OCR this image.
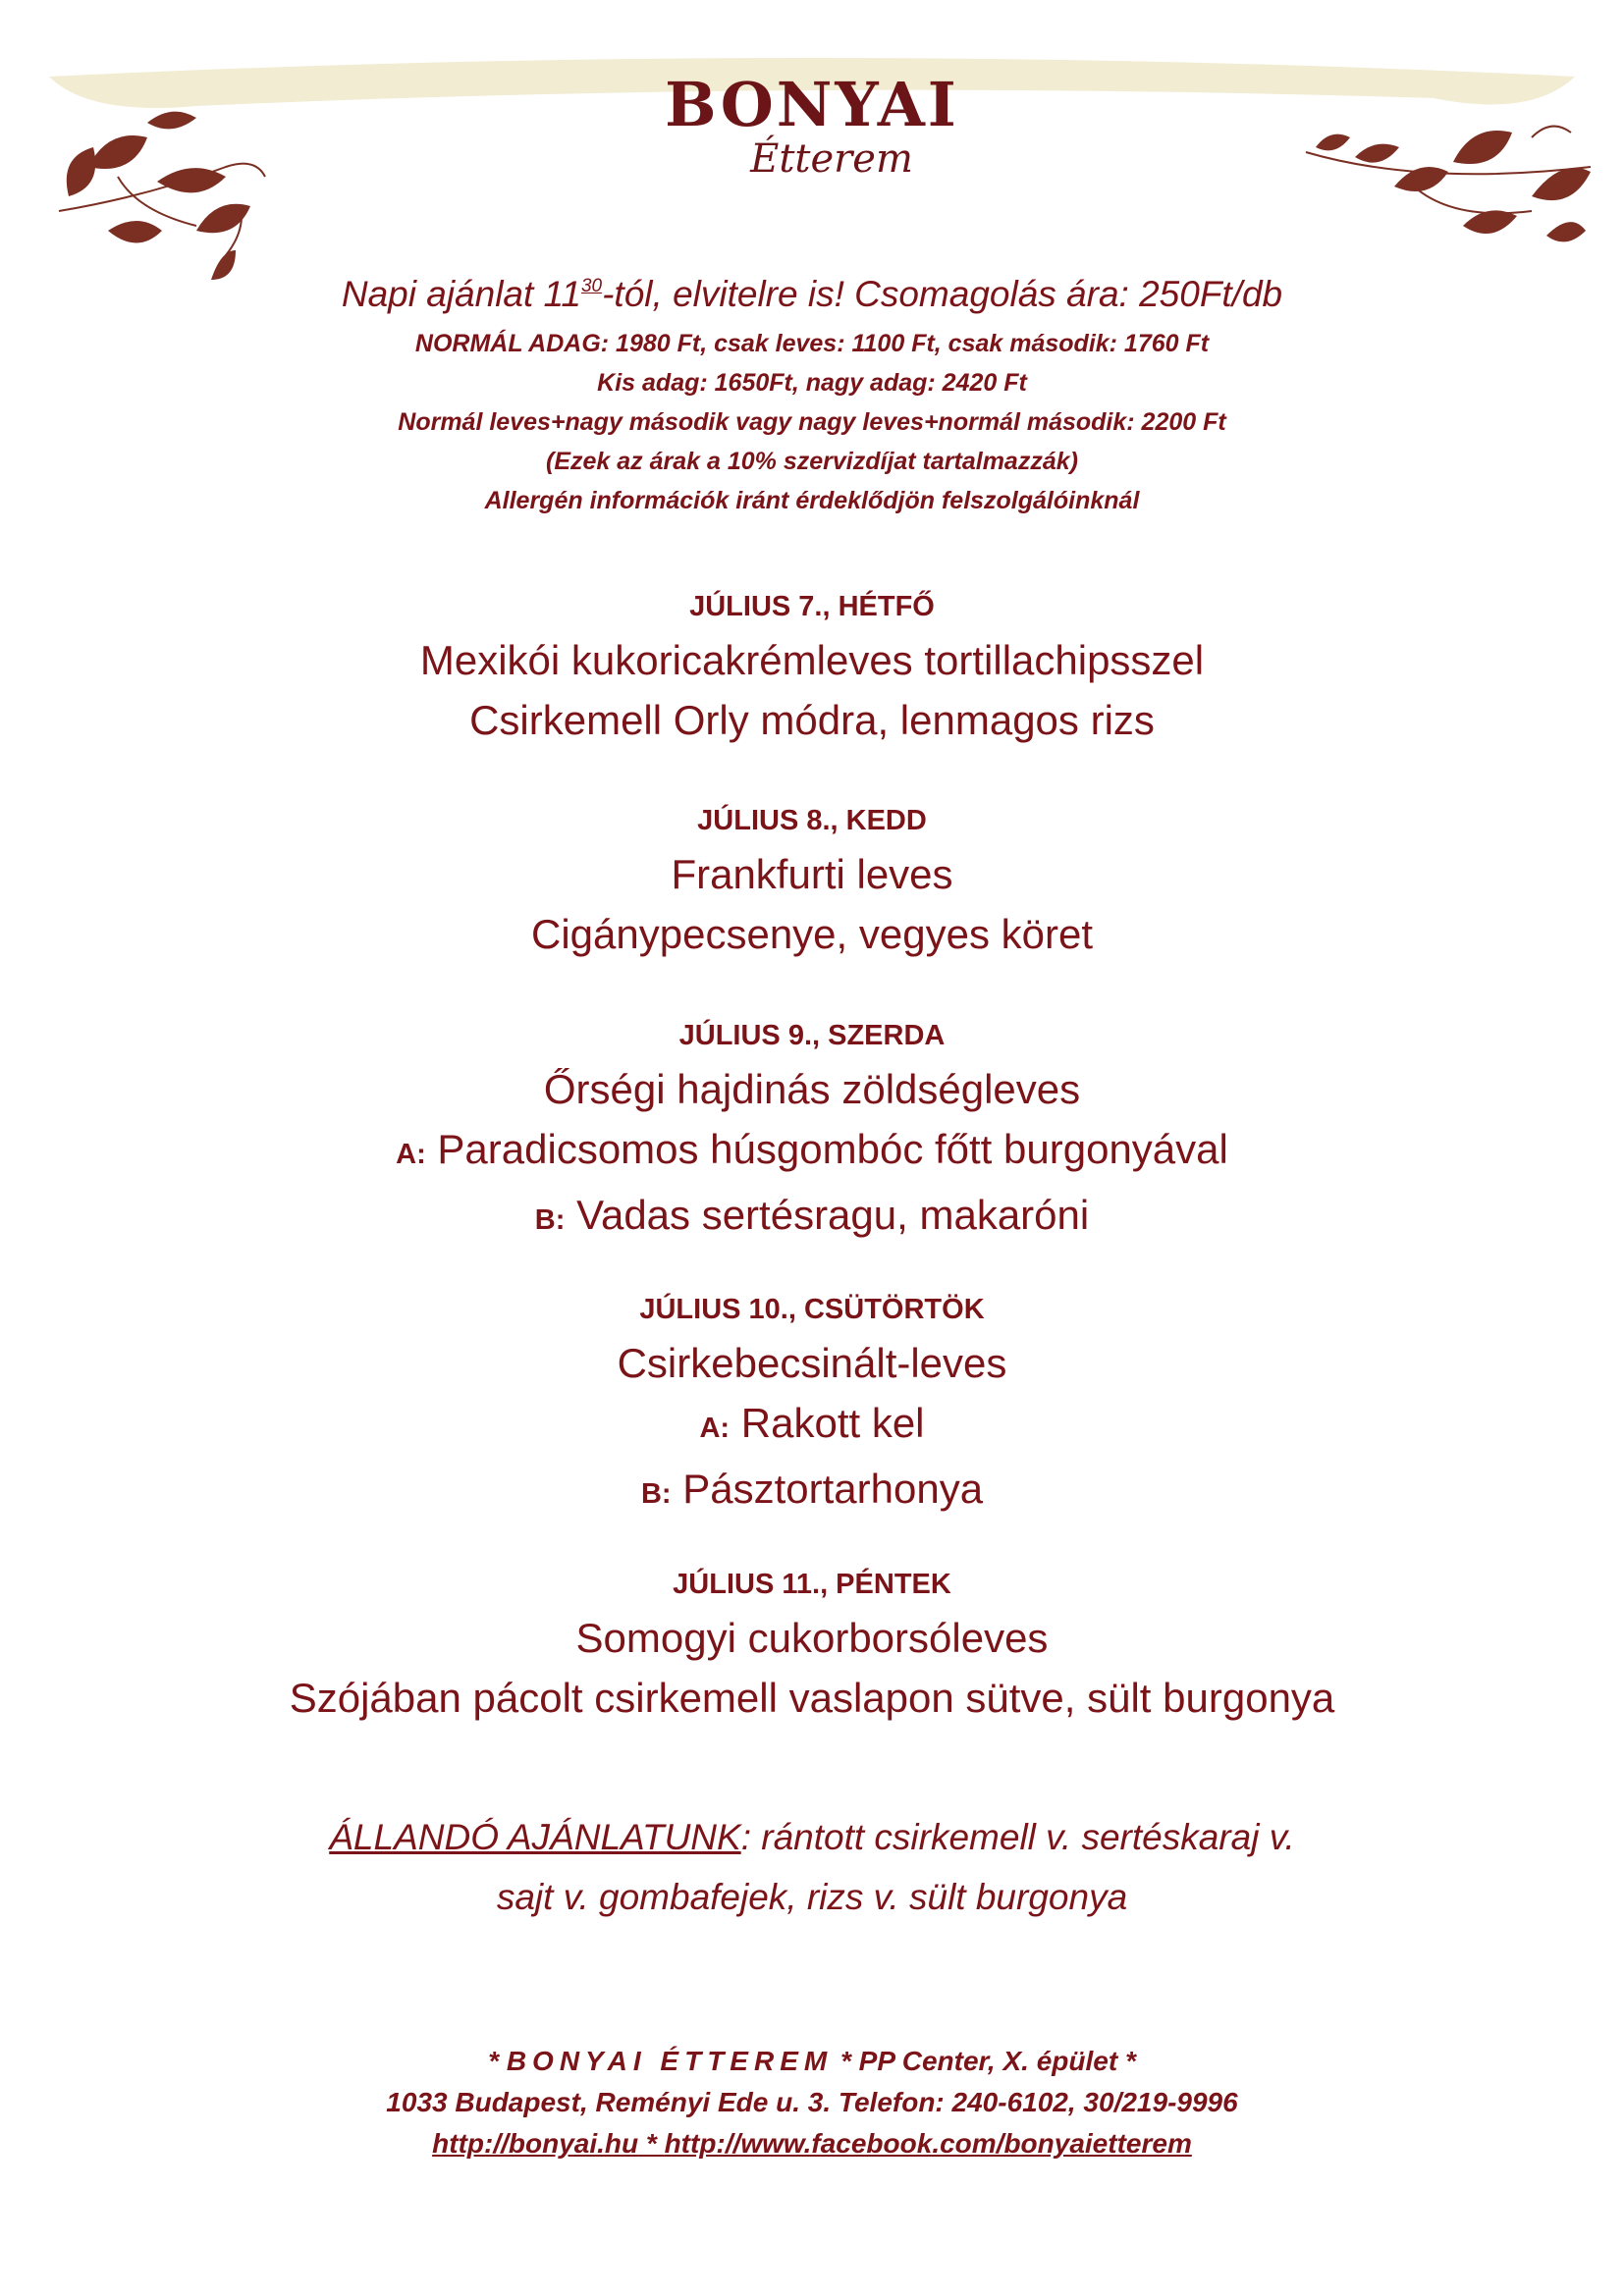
BONYAI
Étterem
Napi ajánlat $11^{30}$-tól, elvitelre is! Csomagolás ára: 250Ft/db
NORMÁL ADAG: 1980 Ft, csak leves: 1100 Ft, csak második: 1760 Ft
Kis adag: 1650Ft, nagy adag: 2420 Ft
Normál leves+nagy második vagy nagy leves+normál második: 2200 Ft
(Ezek az árak a 10% szervizdíjat tartalmazzák)
Allergén információk iránt érdeklődjön felszolgálóinknál
JÚLIUS 7., HÉTFŐ
Mexikói kukoricakrémleves tortillachipsszel
Csirkemell Orly módra, lenmagos rizs
JÚLIUS 8., KEDD
Frankfurti leves
Cigánypecsenye, vegyes köret
JÚLIUS 9., SZERDA
Őrségi hajdinás zöldségleves
A: Paradicsomos húsgombóc főtt burgonyával
B: Vadas sertésragu, makaróni
JÚLIUS 10., CSÜTÖRTÖK
Csirkebecsinált-leves
A: Rakott kel
B: Pásztortarhonya
JÚLIUS 11., PÉNTEK
Somogyi cukorborsóleves
Szójában pácolt csirkemell vaslapon sütve, sült burgonya
ÁLLANDÓ AJÁNLATUNK: rántott csirkemell v. sertéskaraj v.
sajt v. gombafejek, rizs v. sült burgonya
* BONYAI ÉTTEREM * PP Center, X. épület *
1033 Budapest, Reményi Ede u. 3. Telefon: 240-6102, 30/219-9996
http://bonyai.hu * http://www.facebook.com/bonyaietterem
